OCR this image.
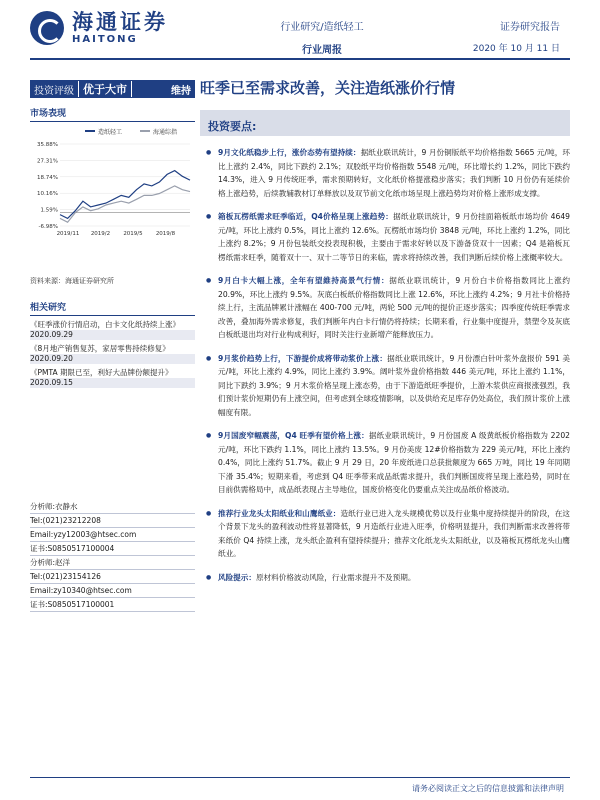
海通证券
HAITONG
行业研究/造纸轻工
行业周报
证券研究报告
2020 年 10 月 11 日
投资评级 优于大市	维持 旺季已至需求改善，关注造纸涨价行情
市场表现
造纸轻工	海通综指
35.88%
27.31%
18.74%
10.16%
1.59%
-6.98%
2019/11 2019/2 2019/5 2019/8
资料来源：海通证券研究所
相关研究
《旺季涨价行情启动，白卡文化纸持续上涨》
2020.09.29
《8月地产销售复苏，家居零售持续修复》
2020.09.20
《PMTA 期限已至，利好大品牌份额提升》
2020.09.15
分析师:衣静水
Tel:(021)23212208
Email:yzy12003@htsec.com
证书:S0850517100004
分析师:赵洋
Tel:(021)23154126
Email:zy10340@htsec.com
证书:S0850517100001
投资要点:
● 9月文化纸稳步上行，涨价态势有望持续：据纸业联讯统计，9 月份铜版纸平均价格指数 5665 元/吨，环比上涨约 2.4%，同比下跌约 2.1%；双胶纸平均价格指数 5548 元/吨，环比增长约 1.2%，同比下跌约 14.3%，进入 9 月传统旺季，需求预期转好，文化纸价格提涨稳步落实；我们判断 10 月份仍有延续价格上涨趋势，后续教辅教材订单释放以及双节前文化纸市场呈现上涨趋势均对价格上涨形成支撑。
● 箱板瓦楞纸需求旺季临近，Q4价格呈现上涨趋势：据纸业联讯统计，9 月份挂面箱板纸市场均价 4649 元/吨，环比上涨约 0.5%，同比上涨约 12.6%。瓦楞纸市场均价 3848 元/吨，环比上涨约 1.2%，同比上涨约 8.2%；9 月份包装纸交投表现积极，主要由于需求好转以及下游备货双十一因素；Q4 是箱板瓦楞纸需求旺季，随着双十一、双十二等节日的来临，需求将持续改善，我们判断后续价格上涨概率较大。
● 9月白卡大幅上涨，全年有望維持高景气行情：据纸业联讯统计，9 月份白卡价格指数同比上涨约 20.9%，环比上涨约 9.5%。灰底白板纸价格指数同比上涨 12.6%，环比上涨约 4.2%；9 月社卡价格持续上行，主流品牌累计涨幅在 400-700 元/吨，两轮 500 元/吨的提价正逐步落实；四季度传统旺季需求改善，叠加海外需求修复，我们判断年内白卡行情仍将持续；长期来看，行业集中度提升，禁塑令及灰底白板纸退出均对行业构成利好，同时关注行业新增产能释放压力。
● 9月浆价趋势上行，下游提价成将带动浆价上涨：据纸业联讯统计，9 月份漂白针叶浆外盘报价 591 美元/吨，环比上涨约 4.9%，同比上涨约 3.9%。阔叶浆外盘价格指数 446 美元/吨，环比上涨约 1.1%，同比下跌约 3.9%；9 月木浆价格呈现上涨态势，由于下游造纸旺季提价，上游木浆供应商报涨强烈，我们预计浆价短期仍有上涨空间，但考虑到全球疫情影响，以及供给充足库存仍处高位，我们预计浆价上涨幅度有限。
● 9月国废窄幅震荡，Q4 旺季有望价格上涨：据纸业联讯统计，9 月份国废 A 级黄纸板价格指数为 2202 元/吨，环比下跌约 1.1%，同比上涨约 13.5%。9 月份美废 12#价格指数为 229 美元/吨，环比上涨约 0.4%，同比上涨约 51.7%。截止 9 月 29 日，20 年废纸进口总获批额度为 665 万吨，同比 19 年同期下滑 35.4%；短期来看，考虑到 Q4 旺季带来成品纸需求提升，我们判断国废将呈现上涨趋势，同时在目前供需格局中，成品纸表现占主导地位，国废价格变化仍要重点关注成品纸价格波动。
● 推荐行业龙头太阳纸业和山鹰纸业：造纸行业已进入龙头规模优势以及行业集中度持续提升的阶段，在这个背景下龙头的盈利波动性将显著降低，9 月造纸行业进入旺季，价格明显提升，我们判断需求改善将带来纸价 Q4 持续上涨，龙头纸企盈利有望持续提升；推荐文化纸龙头太阳纸业，以及箱板瓦楞纸龙头山鹰纸业。
● 风险提示：原材料价格波动风险，行业需求提升不及预期。
请务必阅读正文之后的信息披露和法律声明
